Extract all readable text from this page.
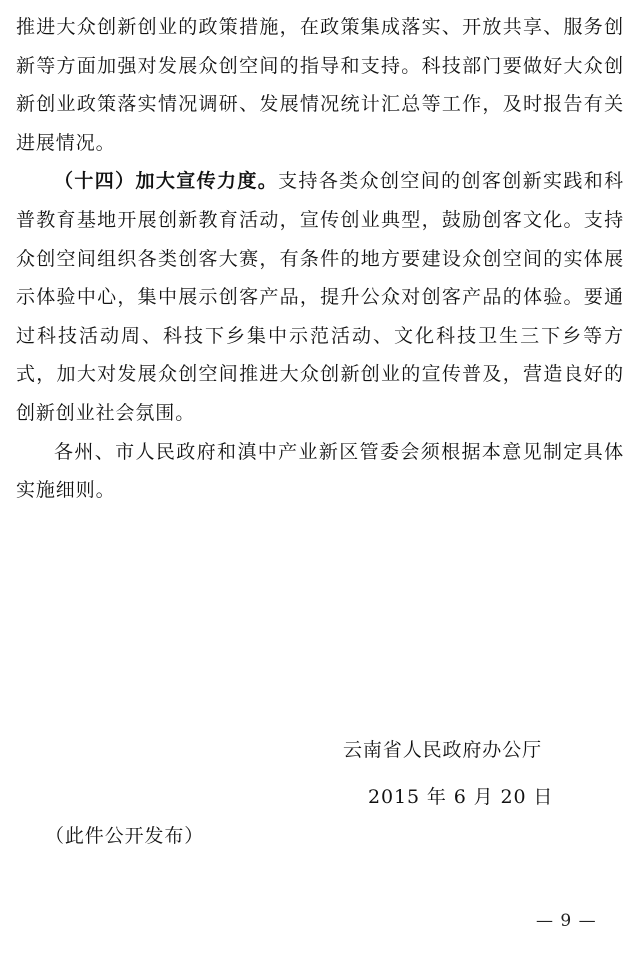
推进大众创新创业的政策措施，在政策集成落实、开放共享、服务创新等方面加强对发展众创空间的指导和支持。科技部门要做好大众创新创业政策落实情况调研、发展情况统计汇总等工作，及时报告有关进展情况。

（十四）加大宣传力度。支持各类众创空间的创客创新实践和科普教育基地开展创新教育活动，宣传创业典型，鼓励创客文化。支持众创空间组织各类创客大赛，有条件的地方要建设众创空间的实体展示体验中心，集中展示创客产品，提升公众对创客产品的体验。要通过科技活动周、科技下乡集中示范活动、文化科技卫生三下乡等方式，加大对发展众创空间推进大众创新创业的宣传普及，营造良好的创新创业社会氛围。

各州、市人民政府和滇中产业新区管委会须根据本意见制定具体实施细则。

云南省人民政府办公厅
2015 年 6 月 20 日
（此件公开发布）
— 9 —
